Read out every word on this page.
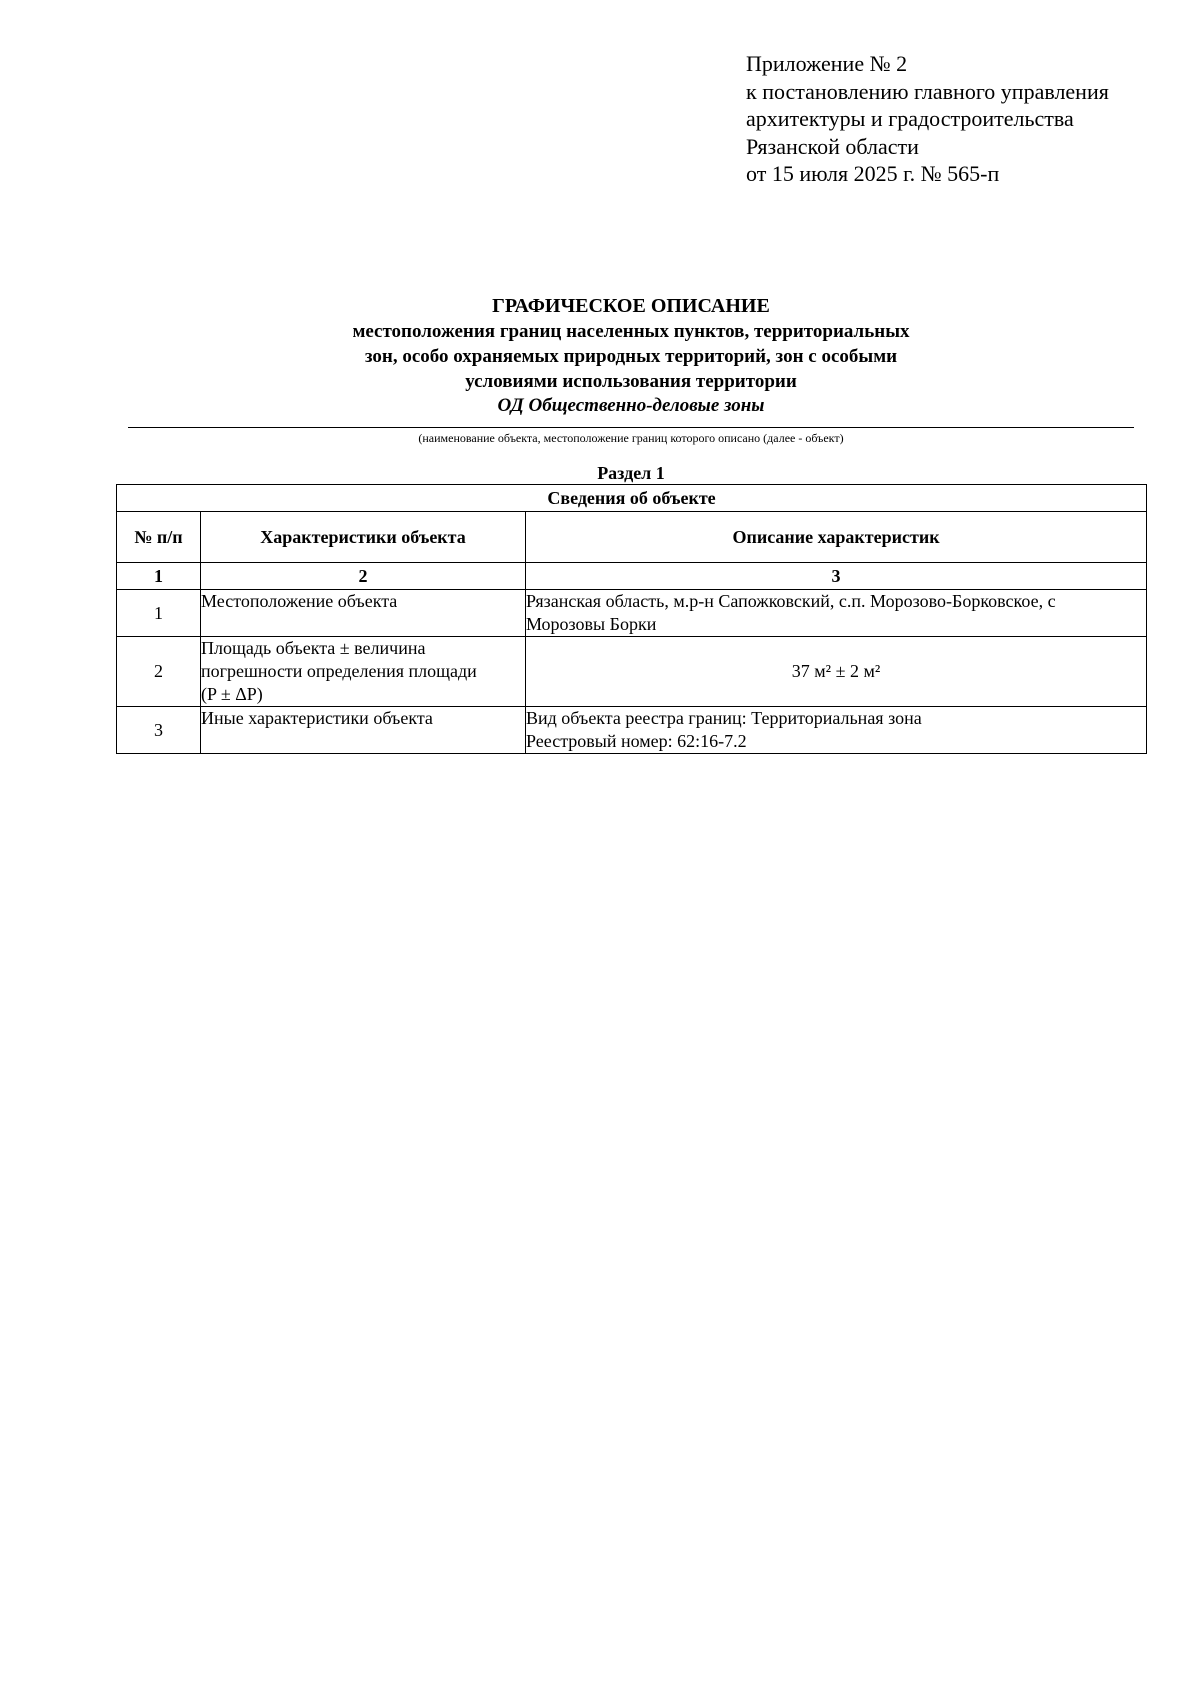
Приложение № 2
к постановлению главного управления
архитектуры и градостроительства
Рязанской области
от 15 июля 2025 г. № 565-п
ГРАФИЧЕСКОЕ ОПИСАНИЕ
местоположения границ населенных пунктов, территориальных
зон, особо охраняемых природных территорий, зон с особыми
условиями использования территории
ОД Общественно-деловые зоны
(наименование объекта, местоположение границ которого описано (далее - объект)
Раздел 1
Сведения об объекте		
№ п/п	Характеристики объекта	Описание характеристик
1	2	3
1	Местоположение объекта	Рязанская область, м.р-н Сапожковский, с.п. Морозово-Борковское, с
Морозовы Борки

2	Площадь объекта ± величина
погрешности определения площади
(P ± ΔP)	37 м² ± 2 м²
3	Иные характеристики объекта	Вид объекта реестра границ: Территориальная зона
Реестровый номер: 62:16-7.2
